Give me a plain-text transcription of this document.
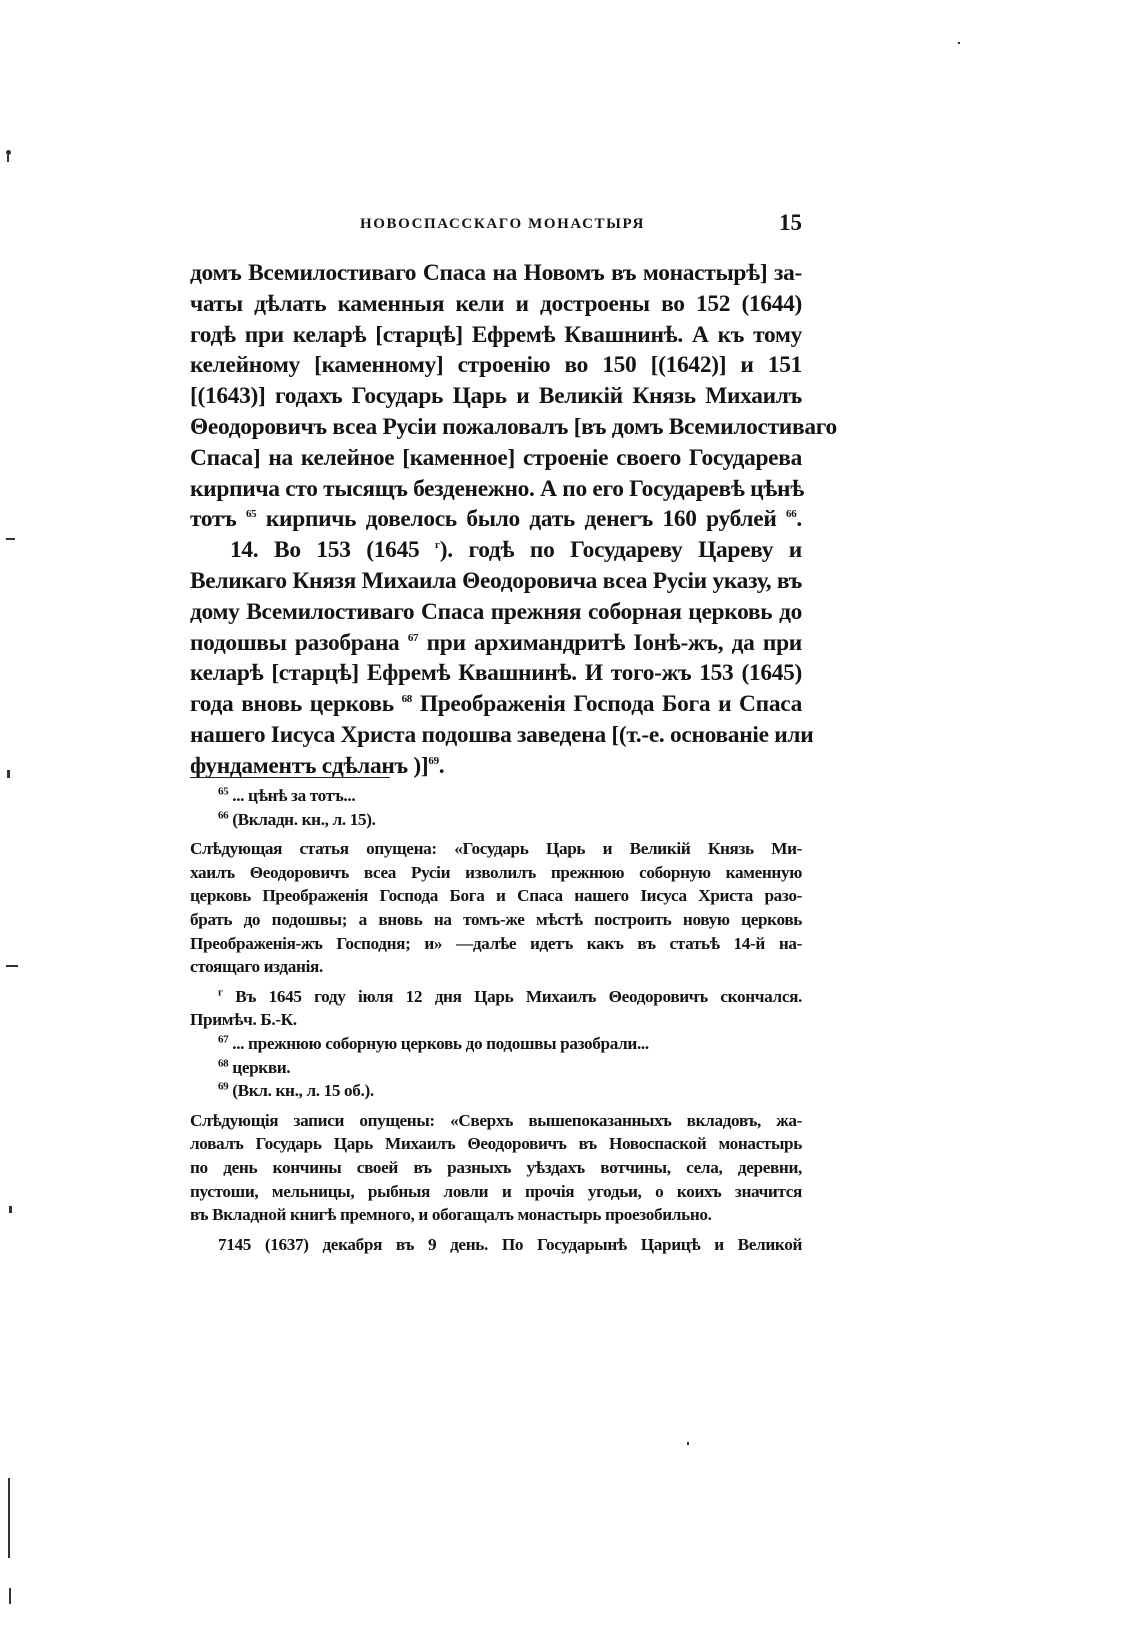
НОВОСПАССКАГО МОНАСТЫРЯ	15
домъ Всемилостиваго Спаса на Новомъ въ монастырѣ] за-
чаты дѣлать каменныя кели и достроены во 152 (1644)
годѣ при келарѣ [старцѣ] Ефремѣ Квашнинѣ. А къ тому
келейному [каменному] строенію во 150 [(1642)] и 151
[(1643)] годахъ Государь Царь и Великій Князь Михаилъ
Θеодоровичъ всеа Русіи пожаловалъ [въ домъ Всемилостиваго
Спаса] на келейное [каменное] строеніе своего Государева
кирпича сто тысящъ безденежно. А по его Государевѣ цѣнѣ
тотъ $^{65}$ кирпичь довелось было дать денегъ 160 рублей $^{66}$.
14. Во 153 (1645 $^г$). годѣ по Государеву Цареву и
Великаго Князя Михаила Θеодоровича всеа Русіи указу, въ
дому Всемилостиваго Спаса прежняя соборная церковь до
подошвы разобрана $^{67}$ при архимандритѣ Іонѣ-жъ, да при
келарѣ [старцѣ] Ефремѣ Квашнинѣ. И того-жъ 153 (1645)
года вновь церковь $^{68}$ Преображенія Господа Бога и Спаса
нашего Іисуса Христа подошва заведена [(т.-е. основаніе или
фундаментъ сдѣланъ )]$^{69}$.
$^{65}$ ... цѣнѣ за тотъ...
$^{66}$ (Вкладн. кн., л. 15).
Слѣдующая статья опущена: «Государь Царь и Великій Князь Ми-
хаилъ Θеодоровичъ всеа Русіи изволилъ прежнюю соборную каменную
церковь Преображенія Господа Бога и Спаса нашего Іисуса Христа разо-
брать до подошвы; а вновь на томъ-же мѣстѣ построить новую церковь
Преображенія-жъ Господня; и» —далѣе идетъ какъ въ статьѣ 14-й на-
стоящаго изданія.
$^г$ Въ 1645 году іюля 12 дня Царь Михаилъ Θеодоровичъ скончался.
Примѣч. Б.-К.
$^{67}$ ... прежнюю соборную церковь до подошвы разобрали...
$^{68}$ церкви.
$^{69}$ (Вкл. кн., л. 15 об.).
Слѣдующія записи опущены: «Сверхъ вышепоказанныхъ вкладовъ, жа-
ловалъ Государь Царь Михаилъ Θеодоровичъ въ Новоспаской монастырь
по день кончины своей въ разныхъ уѣздахъ вотчины, села, деревни,
пустоши, мельницы, рыбныя ловли и прочія угодьи, о коихъ значится
въ Вкладной книгѣ премного, и обогащалъ монастырь проезобильно.
7145 (1637) декабря въ 9 день. По Государынѣ Царицѣ и Великой
